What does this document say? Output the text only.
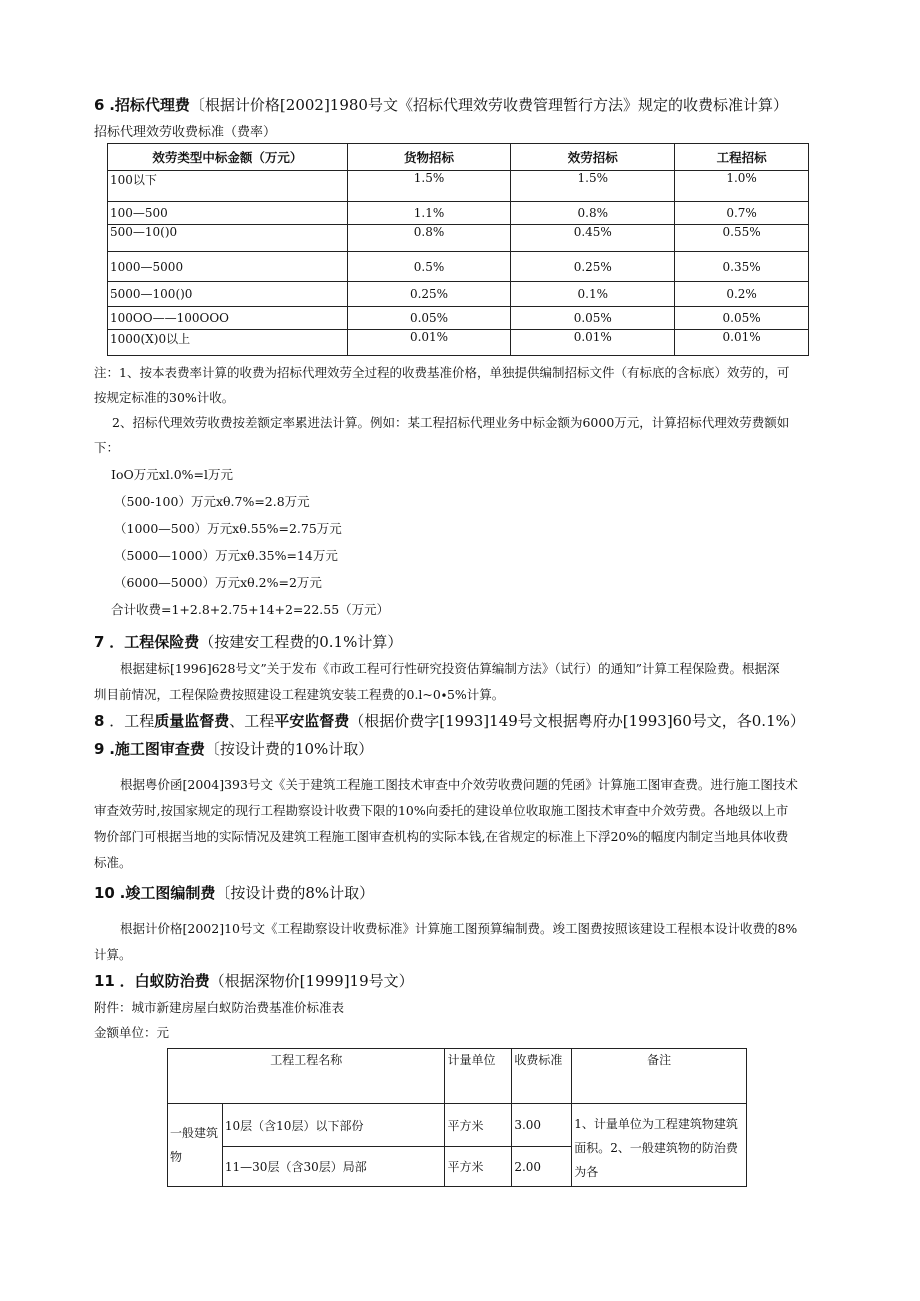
6 .招标代理费〔根据计价格[2002]1980号文《招标代理效劳收费管理暂行方法》规定的收费标准计算）
招标代理效劳收费标准（费率）
效劳类型中标金额（万元）	货物招标	效劳招标	工程招标
100以下	1.5%	1.5%	1.0%
100—500	1.1%	0.8%	0.7%
500—10()0	0.8%	0.45%	0.55%
1000—5000	0.5%	0.25%	0.35%
5000—100()0	0.25%	0.1%	0.2%
100OO——100OOO	0.05%	0.05%	0.05%
1000(X)0以上	0.01%	0.01%	0.01%
注：1、按本表费率计算的收费为招标代理效劳全过程的收费基准价格，单独提供编制招标文件（有标底的含标底）效劳的，可
按规定标准的30%计收。
2、招标代理效劳收费按差额定率累进法计算。例如：某工程招标代理业务中标金额为6000万元，计算招标代理效劳费额如
下：
IoO万元xl.0%=l万元
（500-100）万元xθ.7%=2.8万元
（1000—500）万元xθ.55%=2.75万元
（5000—1000）万元xθ.35%=14万元
（6000—5000）万元xθ.2%=2万元
合计收费=1+2.8+2.75+14+2=22.55（万元）
7 ．工程保险费（按建安工程费的0.1%计算）
根据建标[1996]628号文”关于发布《市政工程可行性研究投资估算编制方法》（试行）的通知”计算工程保险费。根据深
圳目前情况，工程保险费按照建设工程建筑安装工程费的0.l~0∙5%计算。
8 ．工程质量监督费、工程平安监督费（根据价费字[1993]149号文根据粤府办[1993]60号文，各0.1%）
9 .施工图审查费〔按设计费的10%计取）
根据粤价函[2004]393号文《关于建筑工程施工图技术审查中介效劳收费问题的凭函》计算施工图审查费。进行施工图技术
审查效劳时,按国家规定的现行工程勘察设计收费下限的10%向委托的建设单位收取施工图技术审查中介效劳费。各地级以上市
物价部门可根据当地的实际情况及建筑工程施工图审查机构的实际本钱,在省规定的标准上下浮20%的幅度内制定当地具体收费
标准。
10 .竣工图编制费〔按设计费的8%计取）
根据计价格[2002]10号文《工程勘察设计收费标准》计算施工图预算编制费。竣工图费按照该建设工程根本设计收费的8%
计算。
11 ．白蚁防治费（根据深物价[1999]19号文）
附件：城市新建房屋白蚁防治费基准价标准表
金额单位：元
工程工程名称		计量单位	收费标准	备注
一般建筑物	10层（含10层）以下部份	平方米	3.00	1、计量单位为工程建筑物建筑面积。2、一般建筑物的防治费为各
	11—30层（含30层）局部	平方米	2.00	
